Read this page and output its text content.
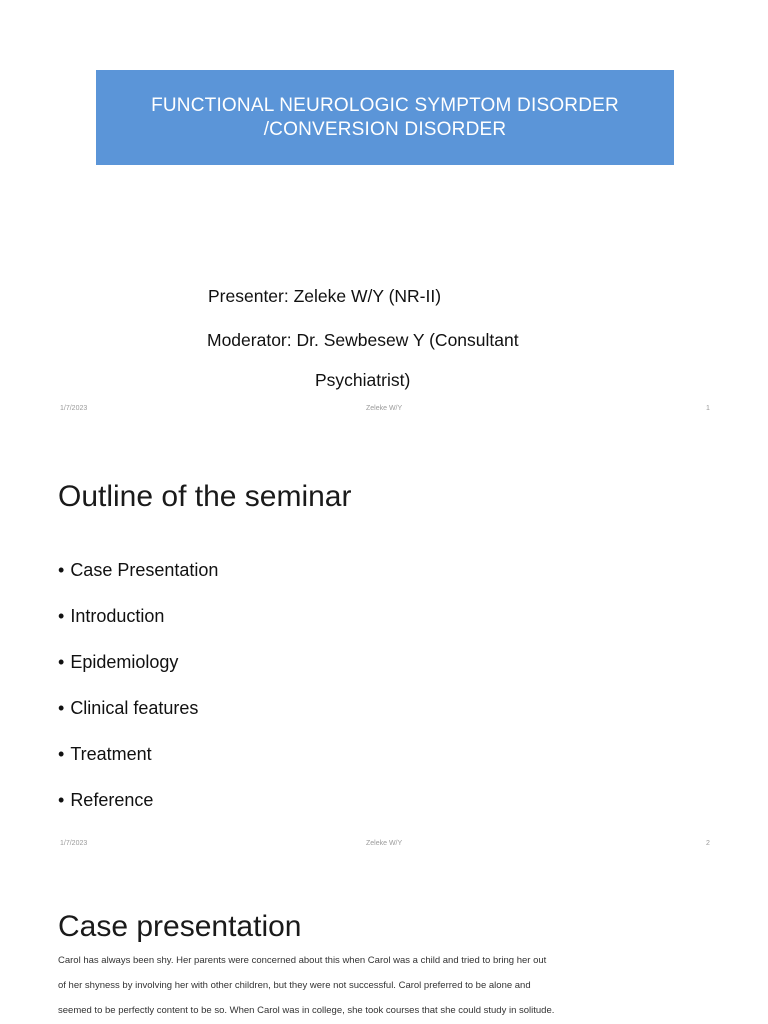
FUNCTIONAL NEUROLOGIC SYMPTOM DISORDER
/CONVERSION DISORDER
Presenter: Zeleke W/Y (NR-II)
Moderator: Dr. Sewbesew Y (Consultant
Psychiatrist)
1/7/2023	Zeleke W/Y	1
Outline of the seminar
• Case Presentation
• Introduction
• Epidemiology
• Clinical features
• Treatment
• Reference
1/7/2023	Zeleke W/Y	2
Case presentation
Carol has always been shy. Her parents were concerned about this when Carol was a child and tried to bring her out
of her shyness by involving her with other children, but they were not successful. Carol preferred to be alone and
seemed to be perfectly content to be so. When Carol was in college, she took courses that she could study in solitude.
